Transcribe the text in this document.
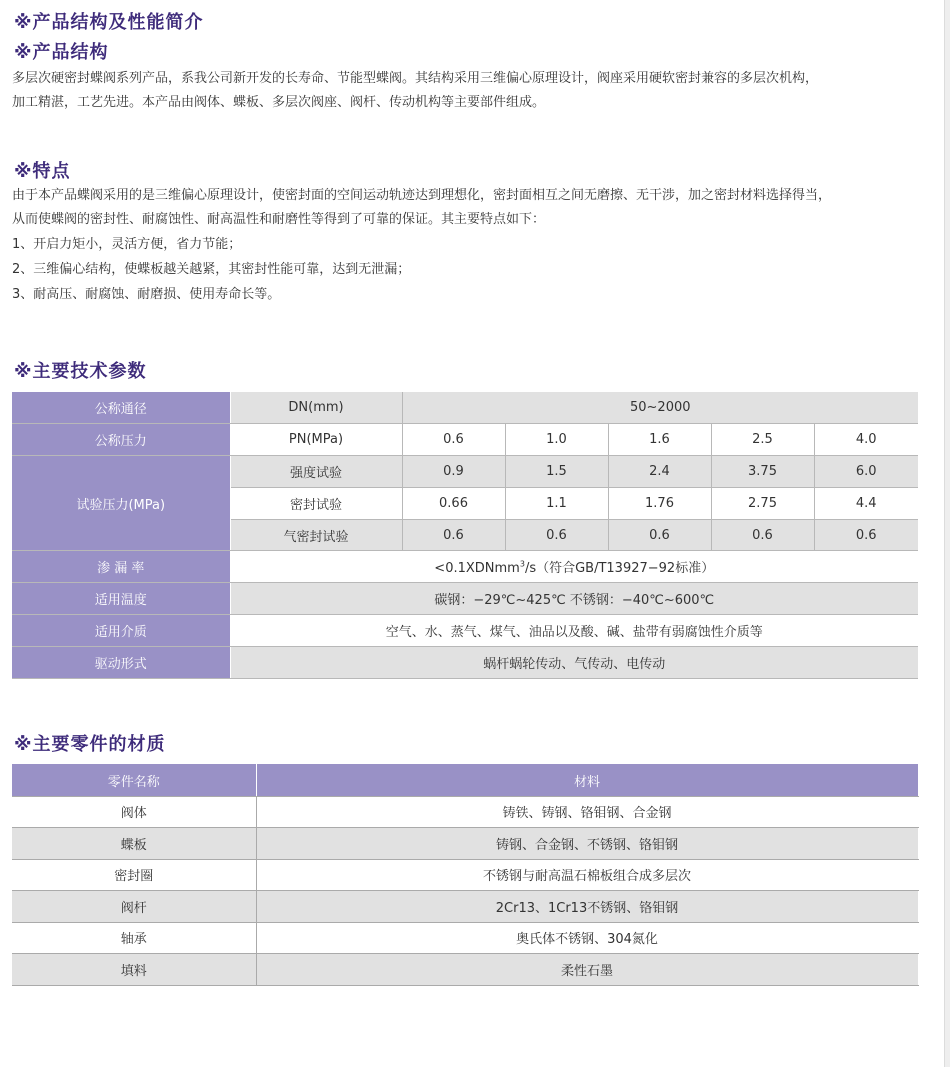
※产品结构及性能简介
※产品结构
多层次硬密封蝶阀系列产品，系我公司新开发的长寿命、节能型蝶阀。其结构采用三维偏心原理设计，阀座采用硬软密封兼容的多层次机构，
加工精湛，工艺先进。本产品由阀体、蝶板、多层次阀座、阀杆、传动机构等主要部件组成。
※特点
由于本产品蝶阀采用的是三维偏心原理设计，使密封面的空间运动轨迹达到理想化，密封面相互之间无磨擦、无干涉，加之密封材料选择得当，
从而使蝶阀的密封性、耐腐蚀性、耐高温性和耐磨性等得到了可靠的保证。其主要特点如下：
1、开启力矩小，灵活方便，省力节能；
2、三维偏心结构，使蝶板越关越紧，其密封性能可靠，达到无泄漏；
3、耐高压、耐腐蚀、耐磨损、使用寿命长等。
※主要技术参数
公称通径	DN(mm)	50~2000				
公称压力	PN(MPa)	0.6	1.0	1.6	2.5	4.0
试验压力(MPa)	强度试验	0.9	1.5	2.4	3.75	6.0
	密封试验	0.66	1.1	1.76	2.75	4.4
	气密封试验	0.6	0.6	0.6	0.6	0.6
渗 漏 率	<0.1XDNmm$^3$/s（符合GB/T13927−92标准）					
适用温度	碳钢：−29℃~425℃ 不锈钢：−40℃~600℃					
适用介质	空气、水、蒸气、煤气、油品以及酸、碱、盐带有弱腐蚀性介质等					
驱动形式	蜗杆蜗轮传动、气传动、电传动					
※主要零件的材质
零件名称	材料
阀体	铸铁、铸钢、铬钼钢、合金钢
蝶板	铸钢、合金钢、不锈钢、铬钼钢
密封圈	不锈钢与耐高温石棉板组合成多层次
阀杆	2Cr13、1Cr13不锈钢、铬钼钢
轴承	奥氏体不锈钢、304氮化
填料	柔性石墨
